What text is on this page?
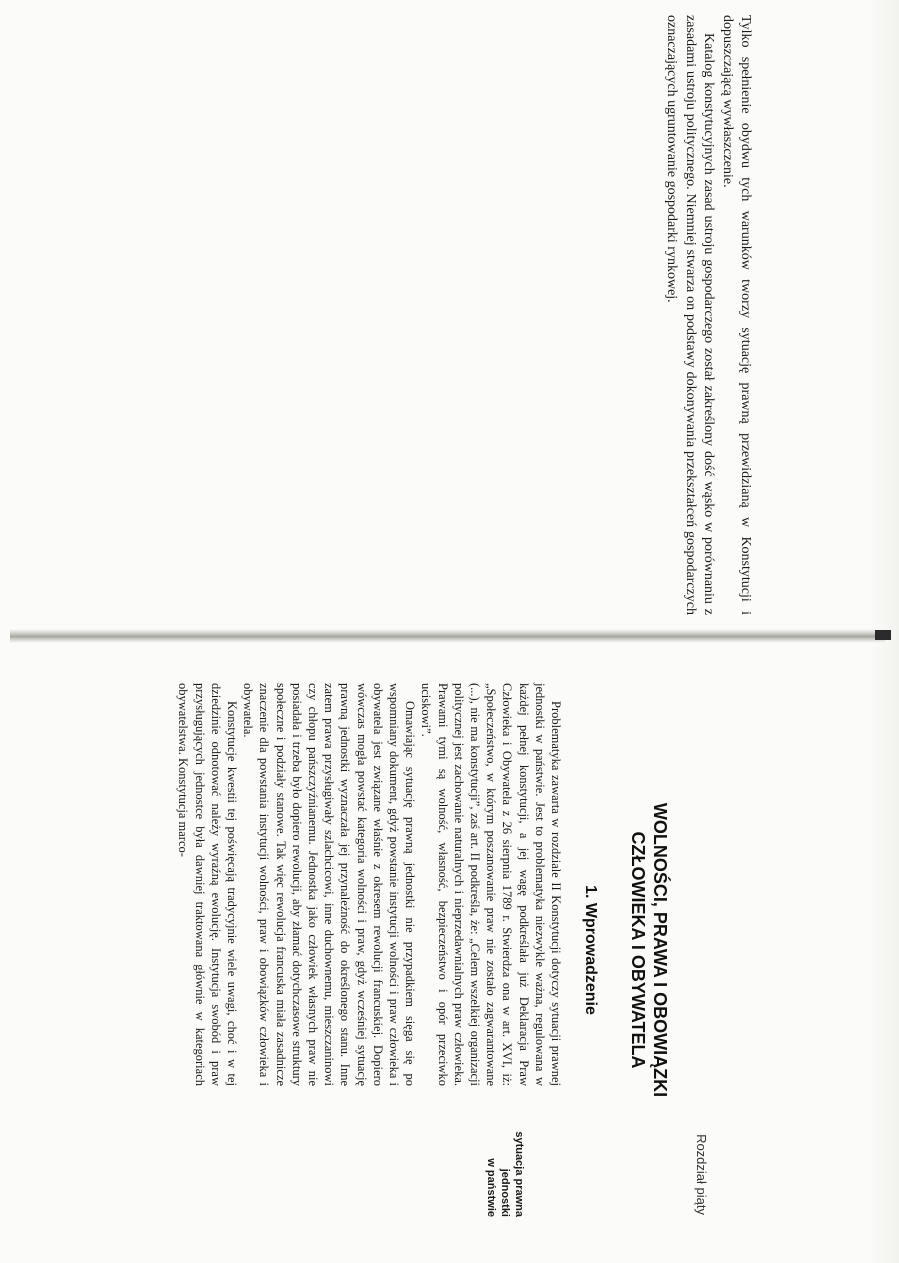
Tylko spełnienie obydwu tych warunków tworzy sytuację prawną przewidzianą w Konstytucji i dopuszczającą wywłaszczenie.

Katalog konstytucyjnych zasad ustroju gospodarczego został zakreślony dość wąsko w porównaniu z zasadami ustroju politycznego. Niemniej stwarza on podstawy dokonywania przekształceń gospodarczych oznaczających ugruntowanie gospodarki rynkowej.

Rozdział piąty
WOLNOŚCI, PRAWA I OBOWIĄZKI
CZŁOWIEKA I OBYWATELA
1. Wprowadzenie

Problematyka zawarta w rozdziale II Konstytucji dotyczy sytuacji prawnej jednostki w państwie. Jest to problematyka niezwykle ważna, regulowana w każdej pełnej konstytucji, a jej wagę podkreślała już Deklaracja Praw Człowieka i Obywatela z 26 sierpnia 1789 r. Stwierdza ona w art. XVI, iż: „Społeczeństwo, w którym poszanowanie praw nie zostało zagwarantowane (...), nie ma konstytucji”, zaś art. II podkreśla, że: „Celem wszelkiej organizacji politycznej jest zachowanie naturalnych i nieprzedawnialnych praw człowieka. Prawami tymi są wolność, własność, bezpieczeństwo i opór przeciwko uciskowi”.

Omawiając sytuację prawną jednostki nie przypadkiem sięga się po wspomniany dokument, gdyż powstanie instytucji wolności i praw człowieka i obywatela jest związane właśnie z okresem rewolucji francuskiej. Dopiero wówczas mogła powstać kategoria wolności i praw, gdyż wcześniej sytuację prawną jednostki wyznaczała jej przynależność do określonego stanu. Inne zatem prawa przysługiwały szlachcicowi, inne duchownemu, mieszczaninowi czy chłopu pańszczyźnianemu. Jednostka jako człowiek własnych praw nie posiadała i trzeba było dopiero rewolucji, aby złamać dotychczasowe struktury społeczne i podziały stanowe. Tak więc rewolucja francuska miała zasadnicze znaczenie dla powstania instytucji wolności, praw i obowiązków człowieka i obywatela.

Konstytucje kwestii tej poświęcają tradycyjnie wiele uwagi, choć i w tej dziedzinie odnotować należy wyraźną ewolucję. Instytucja swobód i praw przysługujących jednostce była dawniej traktowana głównie w kategoriach obywatelstwa. Konstytucja marco-

sytuacja prawna
jednostki
w państwie
